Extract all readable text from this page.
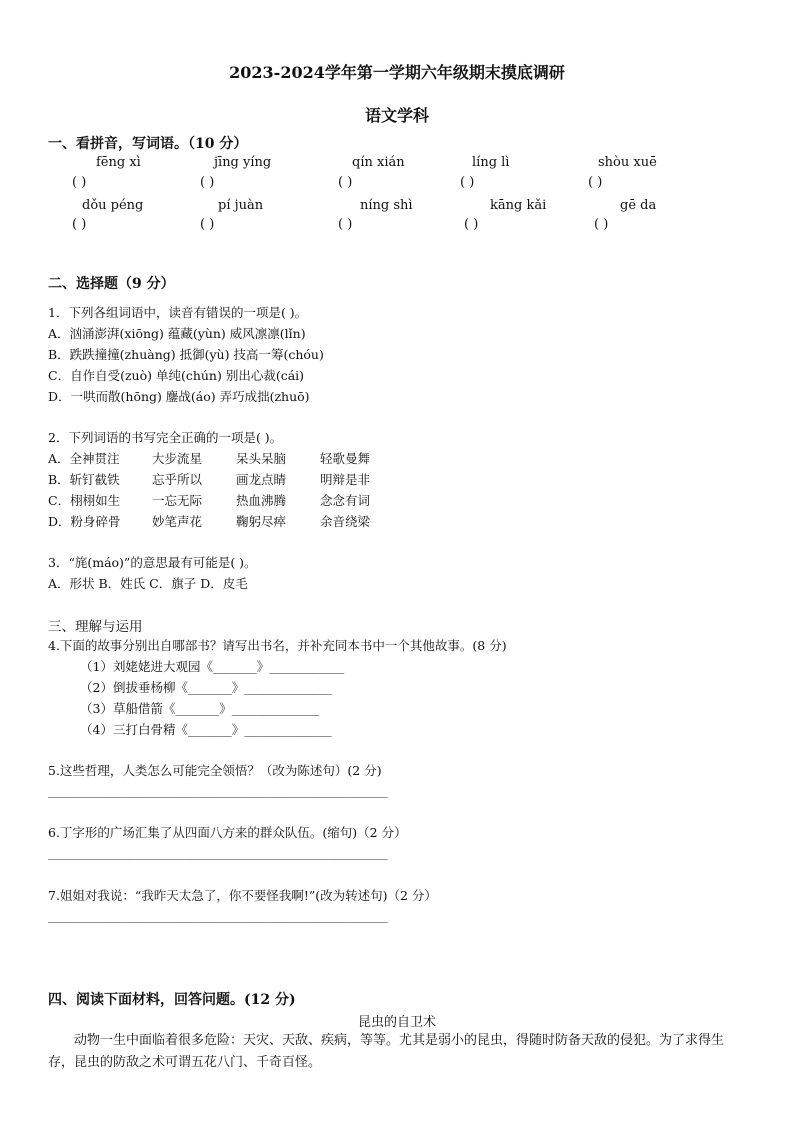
2023-2024学年第一学期六年级期末摸底调研
语文学科
一、看拼音，写词语。（10 分）
fēng xì	jīng yíng	qín xián	líng lì	shòu xuē
( )	( )	( )	( )	( )
dǒu péng	pí juàn	níng shì	kāng kǎi	gē da
( )	( )	( )	( )	( )
二、选择题（9 分）
1．下列各组词语中，读音有错误的一项是( )。
A．汹涌澎湃(xiōng) 蕴藏(yùn) 威风凛凛(lǐn)
B．跌跌撞撞(zhuàng) 抵御(yù) 技高一筹(chóu)
C．自作自受(zuò) 单纯(chún) 别出心裁(cái)
D．一哄而散(hōng) 鏖战(áo) 弄巧成拙(zhuō)
2．下列词语的书写完全正确的一项是( )。
A．全神贯注	大步流星	呆头呆脑	轻歌曼舞
B．斩钉截铁	忘乎所以	画龙点睛	明辩是非
C．栩栩如生	一忘无际	热血沸腾	念念有词
D．粉身碎骨	妙笔声花	鞠躬尽瘁	余音绕梁
3．“旄(máo)”的意思最有可能是( )。
A．形状 B．姓氏 C．旗子 D．皮毛
三、理解与运用
4.下面的故事分别出自哪部书？请写出书名，并补充同本书中一个其他故事。(8 分)
（1）刘姥姥进大观园《_______》____________
（2）倒拔垂杨柳《_______》______________
（3）草船借箭《_______》______________
（4）三打白骨精《_______》______________
5.这些哲理，人类怎么可能完全领悟？（改为陈述句）(2 分)
_______________________________________________
6.丁字形的广场汇集了从四面八方来的群众队伍。(缩句)（2 分）
_______________________________________________
7.姐姐对我说：“我昨天太急了，你不要怪我啊!”(改为转述句)（2 分）
_______________________________________________
四、阅读下面材料，回答问题。(12 分)
昆虫的自卫术
动物一生中面临着很多危险：天灾、天敌、疾病，等等。尤其是弱小的昆虫，得随时防备天敌的侵犯。为了求得生存，昆虫的防敌之术可谓五花八门、千奇百怪。
